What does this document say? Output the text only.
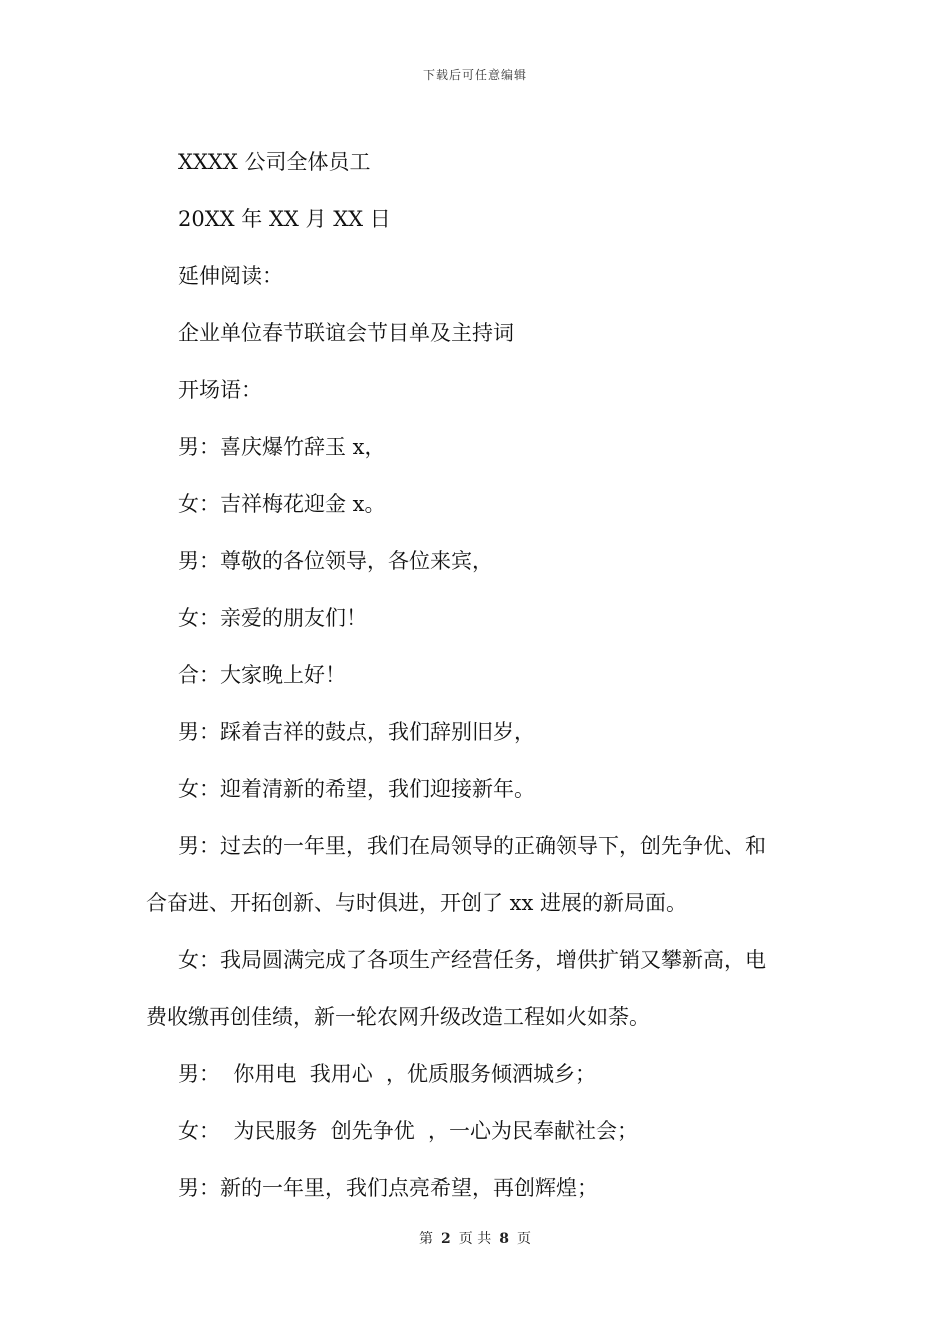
下载后可任意编辑
XXXX 公司全体员工
20XX 年 XX 月 XX 日
延伸阅读：
企业单位春节联谊会节目单及主持词
开场语：
男：喜庆爆竹辞玉 x，
女：吉祥梅花迎金 x。
男：尊敬的各位领导，各位来宾，
女：亲爱的朋友们！
合：大家晚上好！
男：踩着吉祥的鼓点，我们辞别旧岁，
女：迎着清新的希望，我们迎接新年。
男：过去的一年里，我们在局领导的正确领导下，创先争优、和
合奋进、开拓创新、与时俱进，开创了 xx 进展的新局面。
女：我局圆满完成了各项生产经营任务，增供扩销又攀新高，电
费收缴再创佳绩，新一轮农网升级改造工程如火如荼。
男：  你用电  我用心  ，优质服务倾洒城乡；
女：  为民服务  创先争优  ，一心为民奉献社会；
男：新的一年里，我们点亮希望，再创辉煌；
第 2 页 共 8 页
